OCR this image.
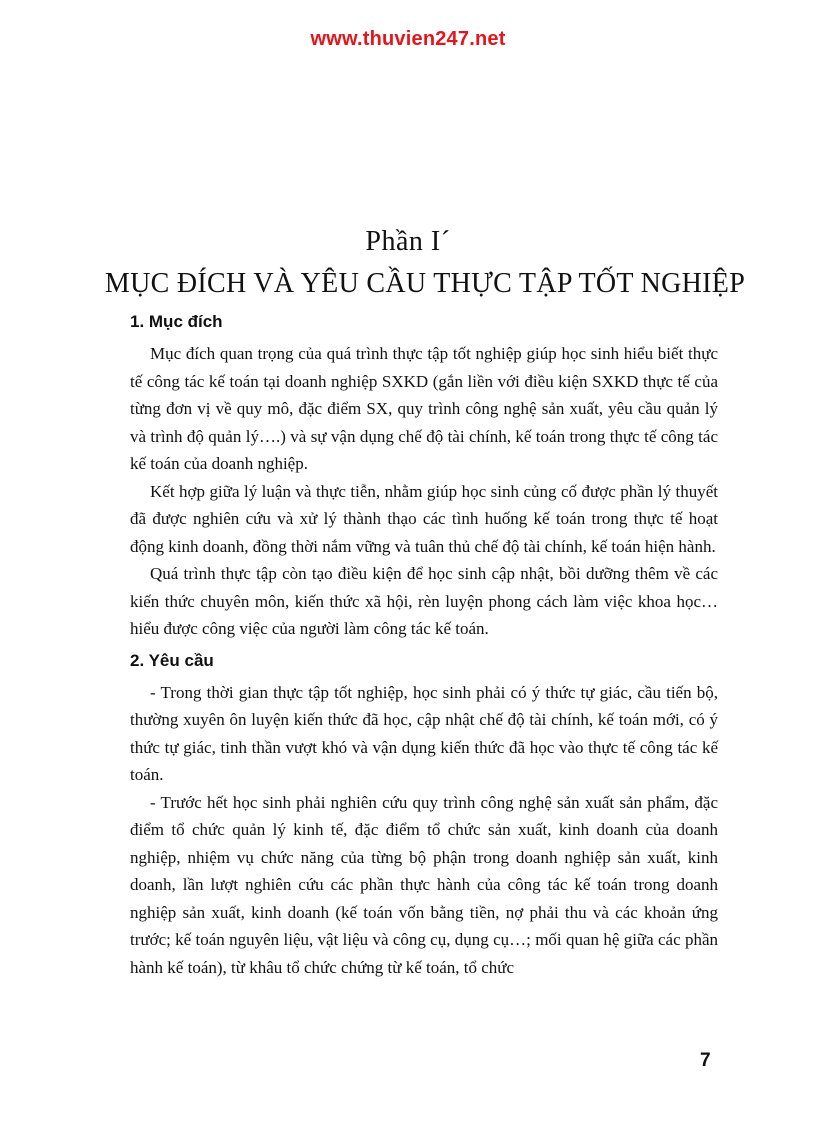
www.thuvien247.net
Phần I´
MỤC ĐÍCH VÀ YÊU CẦU THỰC TẬP TỐT NGHIỆP
1. Mục đích

Mục đích quan trọng của quá trình thực tập tốt nghiệp giúp học sinh hiểu biết thực tế công tác kế toán tại doanh nghiệp SXKD (gắn liền với điều kiện SXKD thực tế của từng đơn vị về quy mô, đặc điểm SX, quy trình công nghệ sản xuất, yêu cầu quản lý và trình độ quản lý….) và sự vận dụng chế độ tài chính, kế toán trong thực tế công tác kế toán của doanh nghiệp.

Kết hợp giữa lý luận và thực tiễn, nhằm giúp học sinh củng cố được phần lý thuyết đã được nghiên cứu và xử lý thành thạo các tình huống kế toán trong thực tế hoạt động kinh doanh, đồng thời nắm vững và tuân thủ chế độ tài chính, kế toán hiện hành.

Quá trình thực tập còn tạo điều kiện để học sinh cập nhật, bồi dưỡng thêm về các kiến thức chuyên môn, kiến thức xã hội, rèn luyện phong cách làm việc khoa học… hiểu được công việc của người làm công tác kế toán.

2. Yêu cầu

- Trong thời gian thực tập tốt nghiệp, học sinh phải có ý thức tự giác, cầu tiến bộ, thường xuyên ôn luyện kiến thức đã học, cập nhật chế độ tài chính, kế toán mới, có ý thức tự giác, tinh thần vượt khó và vận dụng kiến thức đã học vào thực tế công tác kế toán.

- Trước hết học sinh phải nghiên cứu quy trình công nghệ sản xuất sản phẩm, đặc điểm tổ chức quản lý kinh tế, đặc điểm tổ chức sản xuất, kinh doanh của doanh nghiệp, nhiệm vụ chức năng của từng bộ phận trong doanh nghiệp sản xuất, kinh doanh, lần lượt nghiên cứu các phần thực hành của công tác kế toán trong doanh nghiệp sản xuất, kinh doanh (kế toán vốn bằng tiền, nợ phải thu và các khoản ứng trước; kế toán nguyên liệu, vật liệu và công cụ, dụng cụ…; mối quan hệ giữa các phần hành kế toán), từ khâu tổ chức chứng từ kế toán, tổ chức

7
